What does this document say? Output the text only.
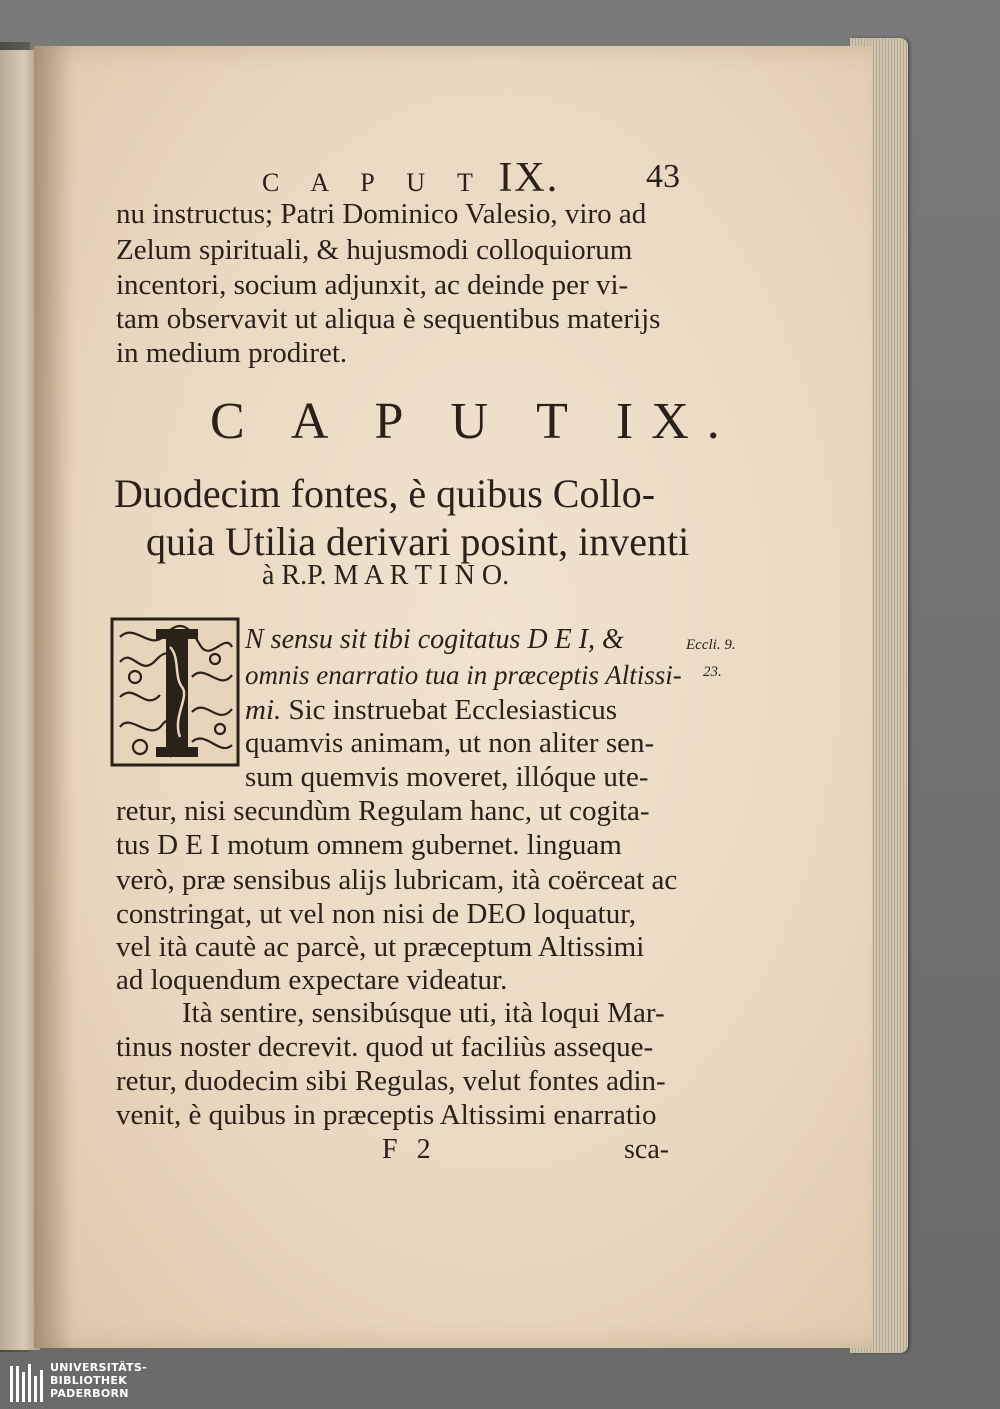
C A P U T IX.	43
nu instructus; Patri Dominico Valesio, viro ad
Zelum spirituali, & hujusmodi colloquiorum
incentori, socium adjunxit, ac deinde per vi-
tam observavit ut aliqua è sequentibus materijs
in medium prodiret.
C A P U T IX.
Duodecim fontes, è quibus Collo-
quia Utilia derivari posint, inventi
à R.P. M A R T I N O.
N sensu sit tibi cogitatus D E I, &
omnis enarratio tua in præceptis Altissi-
mi. Sic instruebat Ecclesiasticus
quamvis animam, ut non aliter sen-
sum quemvis moveret, illóque ute-
retur, nisi secundùm Regulam hanc, ut cogita-
tus D E I motum omnem gubernet. linguam
verò, præ sensibus alijs lubricam, ità coërceat ac
constringat, ut vel non nisi de DEO loquatur,
vel ità cautè ac parcè, ut præceptum Altissimi
ad loquendum expectare videatur.
Ità sentire, sensibúsque uti, ità loqui Mar-
tinus noster decrevit. quod ut faciliùs asseque-
retur, duodecim sibi Regulas, velut fontes adin-
venit, è quibus in præceptis Altissimi enarratio
F 2	sca-
Eccli. 9.
23.
UNIVERSITÄTS-
BIBLIOTHEK
PADERBORN
